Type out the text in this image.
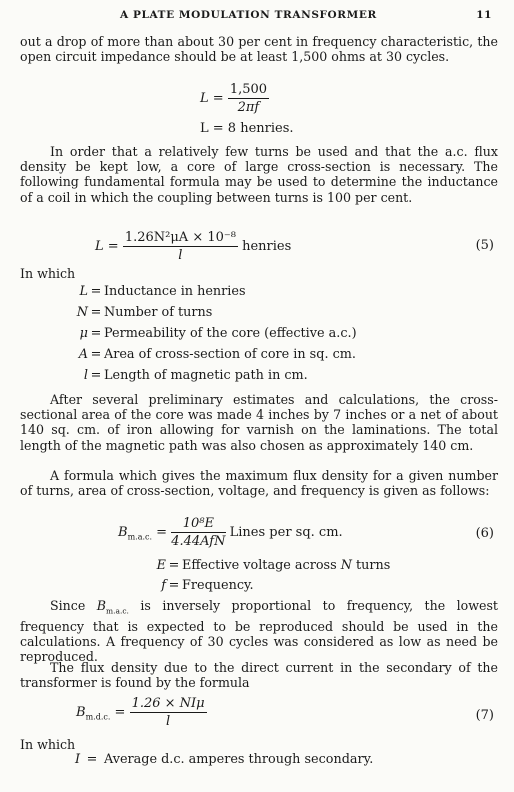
A PLATE MODULATION TRANSFORMER	11
out a drop of more than about 30 per cent in frequency characteristic, the open circuit impedance should be at least 1,500 ohms at 30 cycles.
$L = \frac{1,500}{2\pi f}$
L = 8 henries.
In order that a relatively few turns be used and that the a.c. flux density be kept low, a core of large cross-section is necessary. The following fundamental formula may be used to determine the inductance of a coil in which the coupling between turns is 100 per cent.
$L = \frac{\text{1.26N²μA × 10⁻⁸}}{l}$ henries	(5)
In which
L = Inductance in henries
N = Number of turns
μ = Permeability of the core (effective a.c.)
A = Area of cross-section of core in sq. cm.
l = Length of magnetic path in cm.
After several preliminary estimates and calculations, the cross-sectional area of the core was made 4 inches by 7 inches or a net of about 140 sq. cm. of iron allowing for varnish on the laminations. The total length of the magnetic path was also chosen as approximately 140 cm.
A formula which gives the maximum flux density for a given number of turns, area of cross-section, voltage, and frequency is given as follows:
$B_{m.a.c.} = \frac{\text{10⁸E}}{\text{4.44AfN}}$ Lines per sq. cm.	(6)
E = Effective voltage across N turns
f = Frequency.
Since $B_{m.a.c.}$ is inversely proportional to frequency, the lowest frequency that is expected to be reproduced should be used in the calculations. A frequency of 30 cycles was considered as low as need be reproduced.
The flux density due to the direct current in the secondary of the transformer is found by the formula
$B_{m.d.c.} = \frac{\text{1.26 × NIμ}}{l}$	(7)
In which
I = Average d.c. amperes through secondary.
